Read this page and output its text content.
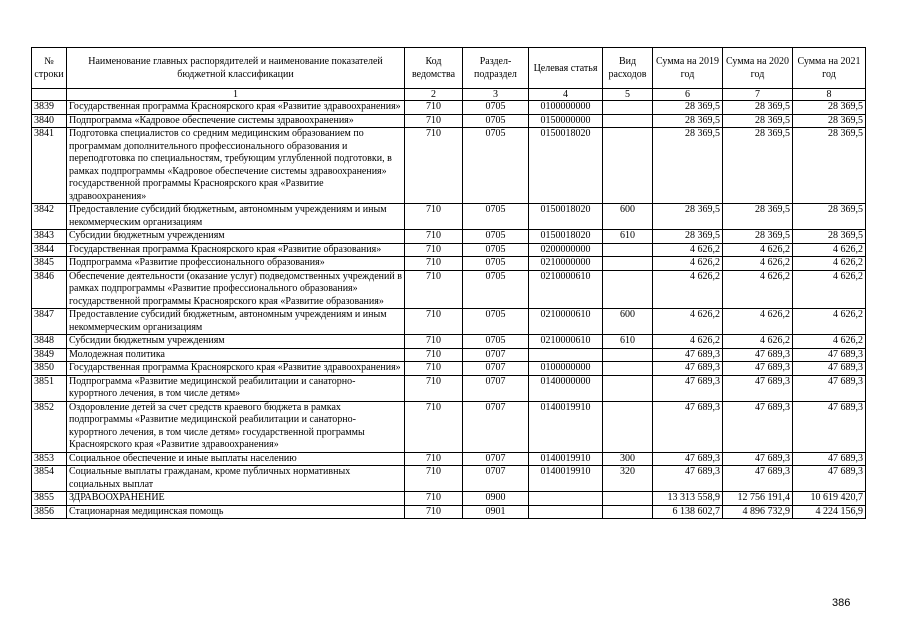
№ строки	Наименование главных распорядителей и наименование показателей бюджетной классификации	Код ведомства	Раздел-подраздел	Целевая статья	Вид расходов	Сумма на 2019 год	Сумма на 2020 год	Сумма на 2021 год
	1	2	3	4	5	6	7	8
3839	Государственная программа Красноярского края «Развитие здравоохранения»	710	0705	0100000000		28 369,5	28 369,5	28 369,5
3840	Подпрограмма «Кадровое обеспечение системы здравоохранения»	710	0705	0150000000		28 369,5	28 369,5	28 369,5
3841	Подготовка специалистов со средним медицинским образованием по программам дополнительного профессионального образования и переподготовка по специальностям, требующим углубленной подготовки, в рамках подпрограммы «Кадровое обеспечение системы здравоохранения» государственной программы Красноярского края «Развитие здравоохранения»	710	0705	0150018020		28 369,5	28 369,5	28 369,5
3842	Предоставление субсидий бюджетным, автономным учреждениям и иным некоммерческим организациям	710	0705	0150018020	600	28 369,5	28 369,5	28 369,5
3843	Субсидии бюджетным учреждениям	710	0705	0150018020	610	28 369,5	28 369,5	28 369,5
3844	Государственная программа Красноярского края «Развитие образования»	710	0705	0200000000		4 626,2	4 626,2	4 626,2
3845	Подпрограмма «Развитие профессионального образования»	710	0705	0210000000		4 626,2	4 626,2	4 626,2
3846	Обеспечение деятельности (оказание услуг) подведомственных учреждений в рамках подпрограммы «Развитие профессионального образования» государственной программы Красноярского края «Развитие образования»	710	0705	0210000610		4 626,2	4 626,2	4 626,2
3847	Предоставление субсидий бюджетным, автономным учреждениям и иным некоммерческим организациям	710	0705	0210000610	600	4 626,2	4 626,2	4 626,2
3848	Субсидии бюджетным учреждениям	710	0705	0210000610	610	4 626,2	4 626,2	4 626,2
3849	Молодежная политика	710	0707			47 689,3	47 689,3	47 689,3
3850	Государственная программа Красноярского края «Развитие здравоохранения»	710	0707	0100000000		47 689,3	47 689,3	47 689,3
3851	Подпрограмма «Развитие медицинской реабилитации и санаторно-курортного лечения, в том числе детям»	710	0707	0140000000		47 689,3	47 689,3	47 689,3
3852	Оздоровление детей за счет средств краевого бюджета в рамках подпрограммы «Развитие медицинской реабилитации и санаторно-курортного лечения, в том числе детям» государственной программы Красноярского края «Развитие здравоохранения»	710	0707	0140019910		47 689,3	47 689,3	47 689,3
3853	Социальное обеспечение и иные выплаты населению	710	0707	0140019910	300	47 689,3	47 689,3	47 689,3
3854	Социальные выплаты гражданам, кроме публичных нормативных социальных выплат	710	0707	0140019910	320	47 689,3	47 689,3	47 689,3
3855	ЗДРАВООХРАНЕНИЕ	710	0900			13 313 558,9	12 756 191,4	10 619 420,7
3856	Стационарная медицинская помощь	710	0901			6 138 602,7	4 896 732,9	4 224 156,9
386
